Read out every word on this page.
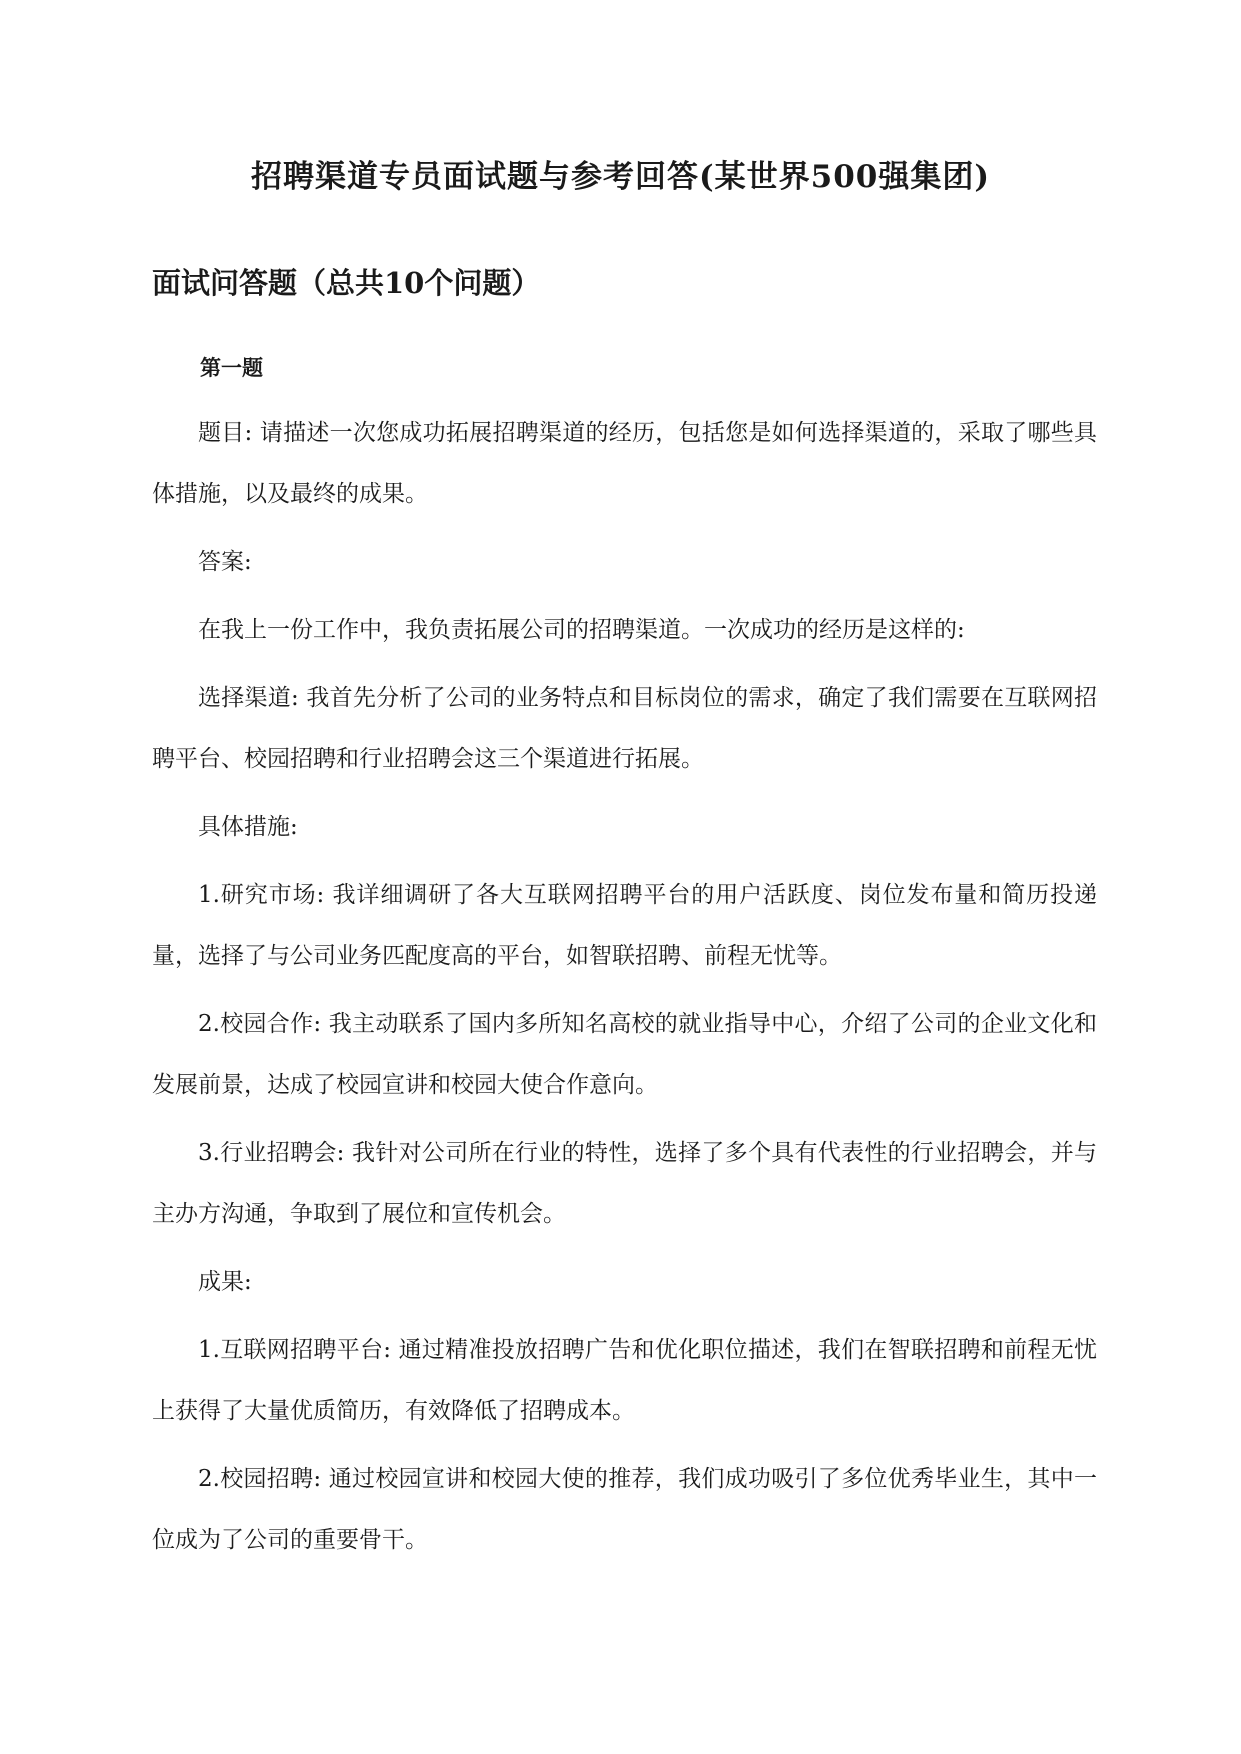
招聘渠道专员面试题与参考回答(某世界500强集团)
面试问答题（总共10个问题）
第一题

题目: 请描述一次您成功拓展招聘渠道的经历，包括您是如何选择渠道的，采取了哪些具体措施，以及最终的成果。

答案:

在我上一份工作中，我负责拓展公司的招聘渠道。一次成功的经历是这样的:

选择渠道: 我首先分析了公司的业务特点和目标岗位的需求，确定了我们需要在互联网招聘平台、校园招聘和行业招聘会这三个渠道进行拓展。

具体措施:

1.研究市场: 我详细调研了各大互联网招聘平台的用户活跃度、岗位发布量和简历投递量，选择了与公司业务匹配度高的平台，如智联招聘、前程无忧等。

2.校园合作: 我主动联系了国内多所知名高校的就业指导中心，介绍了公司的企业文化和发展前景，达成了校园宣讲和校园大使合作意向。

3.行业招聘会: 我针对公司所在行业的特性，选择了多个具有代表性的行业招聘会，并与主办方沟通，争取到了展位和宣传机会。

成果:

1.互联网招聘平台: 通过精准投放招聘广告和优化职位描述，我们在智联招聘和前程无忧上获得了大量优质简历，有效降低了招聘成本。

2.校园招聘: 通过校园宣讲和校园大使的推荐，我们成功吸引了多位优秀毕业生，其中一位成为了公司的重要骨干。
